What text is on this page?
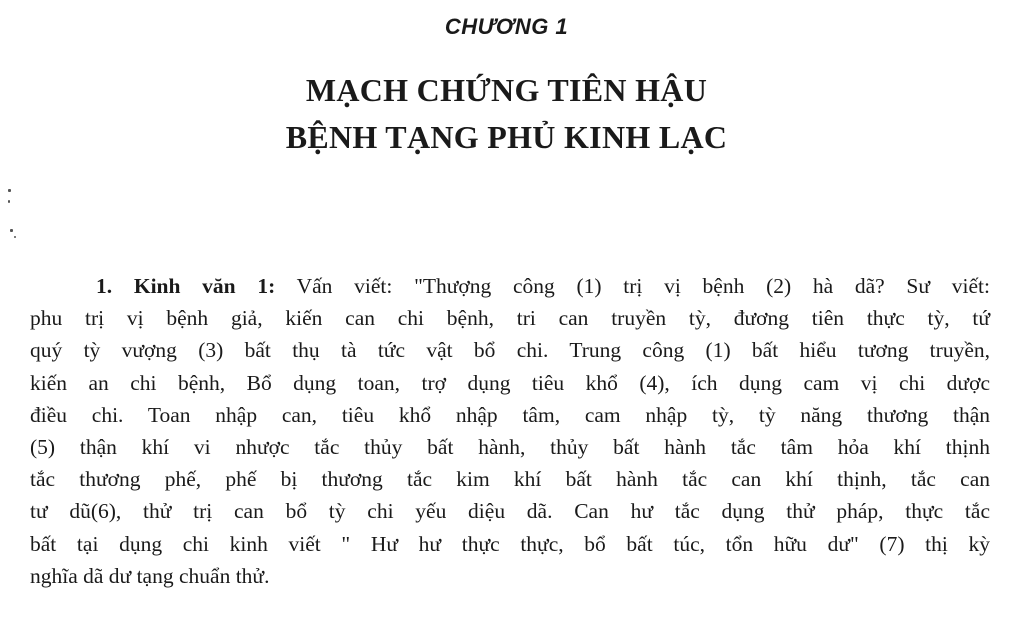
CHƯƠNG 1
MẠCH CHỨNG TIÊN HẬU
BỆNH TẠNG PHỦ KINH LẠC
1. Kinh văn 1: Vấn viết: "Thượng công (1) trị vị bệnh (2) hà dã? Sư viết:
phu trị vị bệnh giả, kiến can chi bệnh, tri can truyền tỳ, đương tiên thực tỳ, tứ
quý tỳ vượng (3) bất thụ tà tức vật bổ chi. Trung công (1) bất hiểu tương truyền,
kiến an chi bệnh, Bổ dụng toan, trợ dụng tiêu khổ (4), ích dụng cam vị chi dược
điều chi. Toan nhập can, tiêu khổ nhập tâm, cam nhập tỳ, tỳ năng thương thận
(5) thận khí vi nhược tắc thủy bất hành, thủy bất hành tắc tâm hỏa khí thịnh
tắc thương phế, phế bị thương tắc kim khí bất hành tắc can khí thịnh, tắc can
tư dũ(6), thử trị can bổ tỳ chi yếu diệu dã. Can hư tắc dụng thử pháp, thực tắc
bất tại dụng chi kinh viết " Hư hư thực thực, bổ bất túc, tổn hữu dư" (7) thị kỳ
nghĩa dã dư tạng chuẩn thử.
